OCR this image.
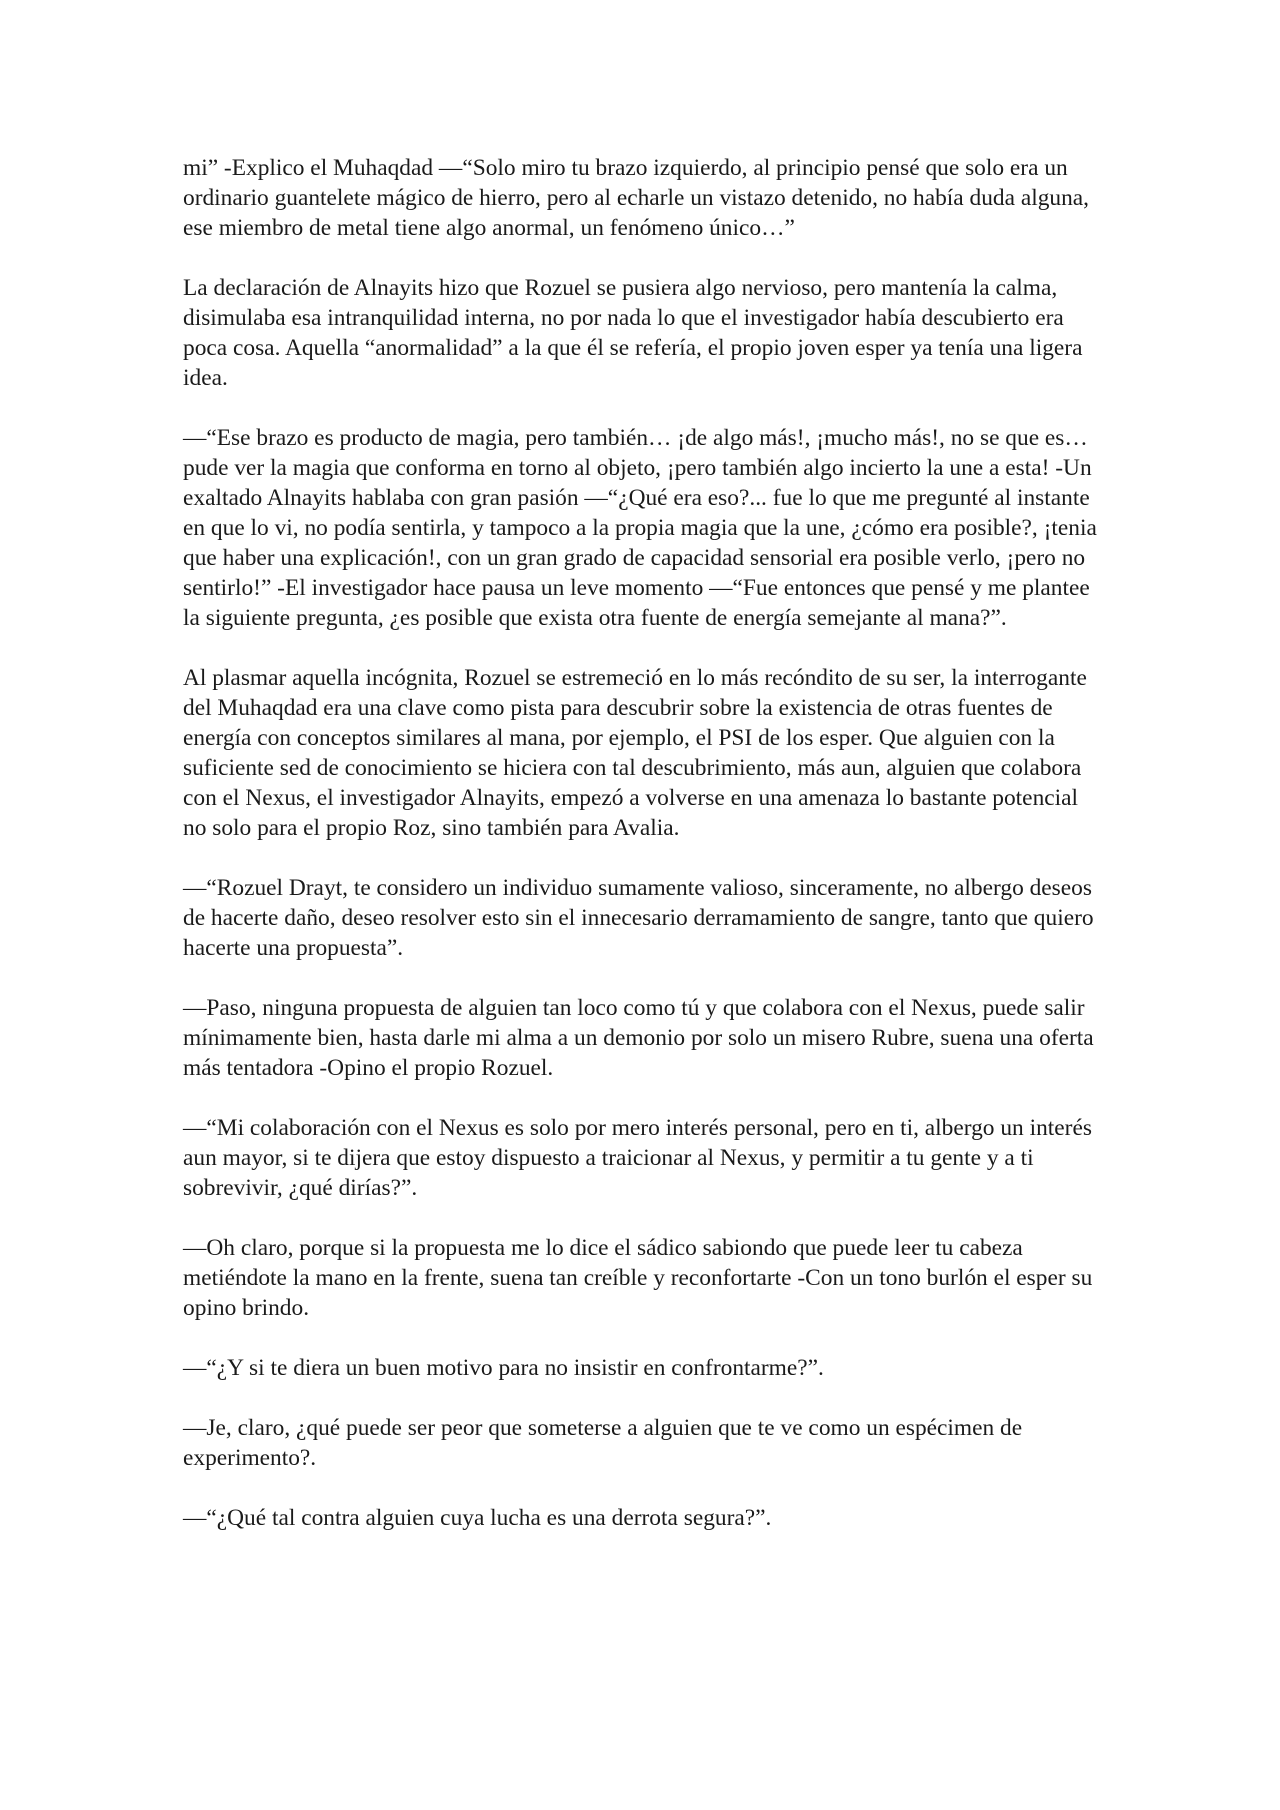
mi” -Explico el Muhaqdad —“Solo miro tu brazo izquierdo, al principio pensé que solo era un ordinario guantelete mágico de hierro, pero al echarle un vistazo detenido, no había duda alguna, ese miembro de metal tiene algo anormal, un fenómeno único…”

La declaración de Alnayits hizo que Rozuel se pusiera algo nervioso, pero mantenía la calma, disimulaba esa intranquilidad interna, no por nada lo que el investigador había descubierto era poca cosa. Aquella “anormalidad” a la que él se refería, el propio joven esper ya tenía una ligera idea.

—“Ese brazo es producto de magia, pero también… ¡de algo más!, ¡mucho más!, no se que es… pude ver la magia que conforma en torno al objeto, ¡pero también algo incierto la une a esta! -Un exaltado Alnayits hablaba con gran pasión —“¿Qué era eso?... fue lo que me pregunté al instante en que lo vi, no podía sentirla, y tampoco a la propia magia que la une, ¿cómo era posible?, ¡tenia que haber una explicación!, con un gran grado de capacidad sensorial era posible verlo, ¡pero no sentirlo!” -El investigador hace pausa un leve momento —“Fue entonces que pensé y me plantee la siguiente pregunta, ¿es posible que exista otra fuente de energía semejante al mana?”.

Al plasmar aquella incógnita, Rozuel se estremeció en lo más recóndito de su ser, la interrogante del Muhaqdad era una clave como pista para descubrir sobre la existencia de otras fuentes de energía con conceptos similares al mana, por ejemplo, el PSI de los esper. Que alguien con la suficiente sed de conocimiento se hiciera con tal descubrimiento, más aun, alguien que colabora con el Nexus, el investigador Alnayits, empezó a volverse en una amenaza lo bastante potencial no solo para el propio Roz, sino también para Avalia.

—“Rozuel Drayt, te considero un individuo sumamente valioso, sinceramente, no albergo deseos de hacerte daño, deseo resolver esto sin el innecesario derramamiento de sangre, tanto que quiero hacerte una propuesta”.

—Paso, ninguna propuesta de alguien tan loco como tú y que colabora con el Nexus, puede salir mínimamente bien, hasta darle mi alma a un demonio por solo un misero Rubre, suena una oferta más tentadora -Opino el propio Rozuel.

—“Mi colaboración con el Nexus es solo por mero interés personal, pero en ti, albergo un interés aun mayor, si te dijera que estoy dispuesto a traicionar al Nexus, y permitir a tu gente y a ti sobrevivir, ¿qué dirías?”.

—Oh claro, porque si la propuesta me lo dice el sádico sabiondo que puede leer tu cabeza metiéndote la mano en la frente, suena tan creíble y reconfortarte -Con un tono burlón el esper su opino brindo.

—“¿Y si te diera un buen motivo para no insistir en confrontarme?”.

—Je, claro, ¿qué puede ser peor que someterse a alguien que te ve como un espécimen de experimento?.

—“¿Qué tal contra alguien cuya lucha es una derrota segura?”.
